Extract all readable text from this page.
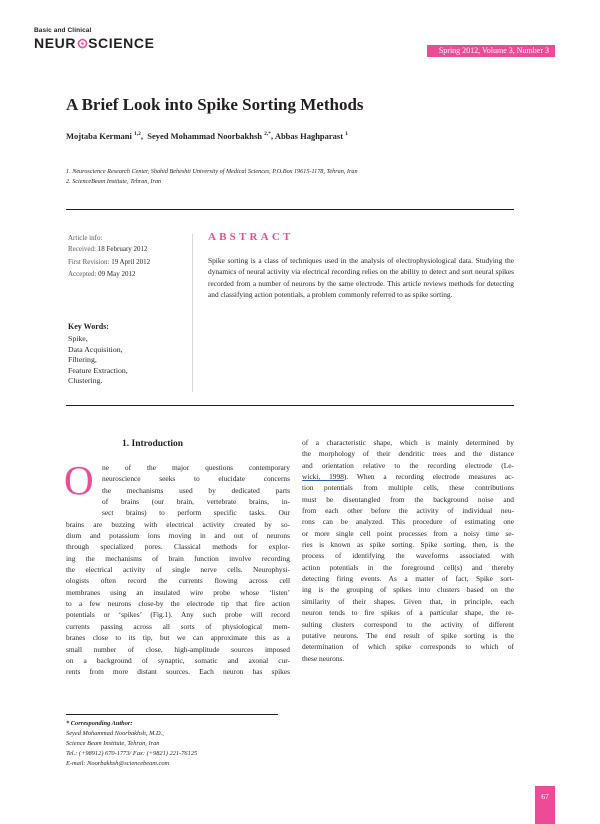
Basic and Clinical
NEUR SCIENCE	Spring 2012, Volume 3, Number 3
A Brief Look into Spike Sorting Methods
Mojtaba Kermani $^{1,2}$,  Seyed Mohammad Noorbakhsh $^{2,*}$, Abbas Haghparast $^1$
1. Neuroscience Research Center, Shahid Beheshti University of Medical Sciences, P.O.Box 19615-1178, Tehran, Iran
2. ScienceBeam Institute, Tehran, Iran
Article info:
Received: 18 February 2012
First Revision: 19 April 2012
Accepted: 09 May 2012
ABSTRACT
Spike sorting is a class of techniques used in the analysis of electrophysiological data. Studying the dynamics of neural activity via electrical recording relies on the ability to detect and sort neural spikes recorded from a number of neurons by the same electrode. This article reviews methods for detecting and classifying action potentials, a problem commonly referred to as spike sorting.
Key Words:
Spike,
Data Acquisition,
Filtering,
Feature Extraction,
Clustering.
1. Introduction
O	ne of the major questions contemporary

neuroscience seeks to elucidate concerns

the mechanisms used by dedicated parts

of brains (our brain, vertebrate brains, in-

sect brains) to perform specific tasks. Our

brains are buzzing with electrical activity created by so-

dium and potassium ions moving in and out of neurons

through specialized pores. Classical methods for explor-

ing the mechanisms of brain function involve recording

the electrical activity of single nerve cells. Neurophysi-

ologists often record the currents flowing across cell

membranes using an insulated wire probe whose ‘listen’

to a few neurons close-by the electrode tip that fire action

potentials or ‘spikes’ (Fig.1). Any such probe will record

currents passing across all sorts of physiological mem-

branes close to its tip, but we can approximate this as a

small number of close, high-amplitude sources imposed

on a background of synaptic, somatic and axonal cur-

rents from more distant sources. Each neuron has spikes

of a characteristic shape, which is mainly determined by

the morphology of their dendritic trees and the distance

and orientation relative to the recording electrode (Le-

wicki, 1998). When a recording electrode measures ac-

tion potentials from multiple cells, these contributions

must be disentangled from the background noise and

from each other before the activity of individual neu-

rons can be analyzed. This procedure of estimating one

or more single cell point processes from a noisy time se-

ries is known as spike sorting. Spike sorting, then, is the

process of identifying the waveforms associated with

action potentials in the foreground cell(s) and thereby

detecting firing events. As a matter of fact, Spike sort-

ing is the grouping of spikes into clusters based on the

similarity of their shapes. Given that, in principle, each

neuron tends to fire spikes of a particular shape, the re-

sulting clusters correspond to the activity of different

putative neurons. The end result of spike sorting is the

determination of which spike corresponds to which of

these neurons.

* Corresponding Author:
Seyed Mohammad Noorbakhsh, M.D.,
Science Beam Institute, Tehran, Iran
Tel.: (+98912) 670-1773/ Fax: (+9821) 221-76125
E-mail: Noorbakhsh@sciencebeam.com
67
